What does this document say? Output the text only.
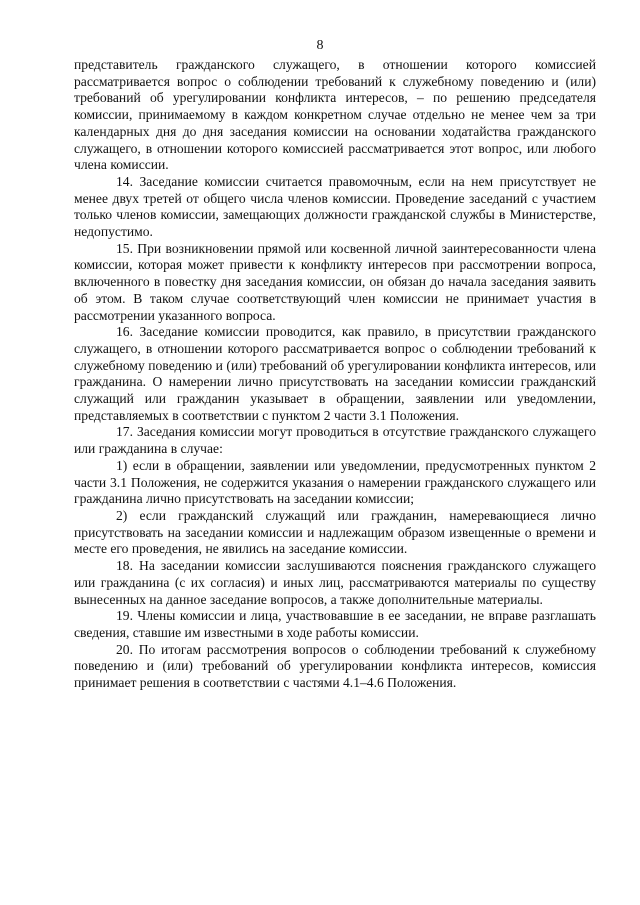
8

представитель гражданского служащего, в отношении которого комиссией рассматривается вопрос о соблюдении требований к служебному поведению и (или) требований об урегулировании конфликта интересов, – по решению председателя комиссии, принимаемому в каждом конкретном случае отдельно не менее чем за три календарных дня до дня заседания комиссии на основании ходатайства гражданского служащего, в отношении которого комиссией рассматривается этот вопрос, или любого члена комиссии.

14. Заседание комиссии считается правомочным, если на нем присутствует не менее двух третей от общего числа членов комиссии. Проведение заседаний с участием только членов комиссии, замещающих должности гражданской службы в Министерстве, недопустимо.

15. При возникновении прямой или косвенной личной заинтересованности члена комиссии, которая может привести к конфликту интересов при рассмотрении вопроса, включенного в повестку дня заседания комиссии, он обязан до начала заседания заявить об этом. В таком случае соответствующий член комиссии не принимает участия в рассмотрении указанного вопроса.

16. Заседание комиссии проводится, как правило, в присутствии гражданского служащего, в отношении которого рассматривается вопрос о соблюдении требований к служебному поведению и (или) требований об урегулировании конфликта интересов, или гражданина. О намерении лично присутствовать на заседании комиссии гражданский служащий или гражданин указывает в обращении, заявлении или уведомлении, представляемых в соответствии с пунктом 2 части 3.1 Положения.

17. Заседания комиссии могут проводиться в отсутствие гражданского служащего или гражданина в случае:

1) если в обращении, заявлении или уведомлении, предусмотренных пунктом 2 части 3.1 Положения, не содержится указания о намерении гражданского служащего или гражданина лично присутствовать на заседании комиссии;

2) если гражданский служащий или гражданин, намеревающиеся лично присутствовать на заседании комиссии и надлежащим образом извещенные о времени и месте его проведения, не явились на заседание комиссии.

18. На заседании комиссии заслушиваются пояснения гражданского служащего или гражданина (с их согласия) и иных лиц, рассматриваются материалы по существу вынесенных на данное заседание вопросов, а также дополнительные материалы.

19. Члены комиссии и лица, участвовавшие в ее заседании, не вправе разглашать сведения, ставшие им известными в ходе работы комиссии.

20. По итогам рассмотрения вопросов о соблюдении требований к служебному поведению и (или) требований об урегулировании конфликта интересов, комиссия принимает решения в соответствии с частями 4.1–4.6 Положения.
